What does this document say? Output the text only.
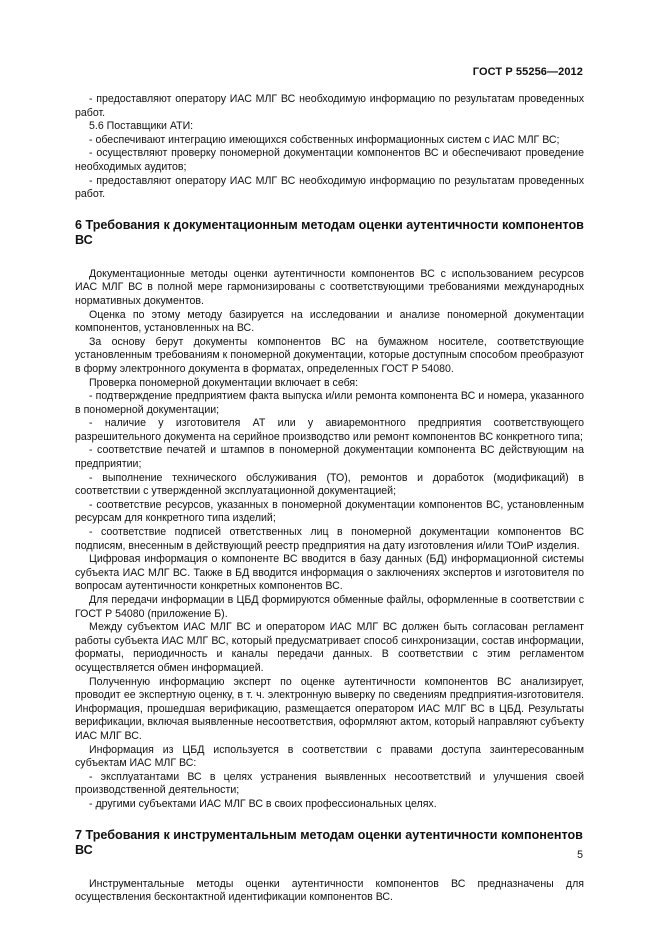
ГОСТ Р 55256—2012

- предоставляют оператору ИАС МЛГ ВС необходимую информацию по результатам проведенных работ.

5.6 Поставщики АТИ:

- обеспечивают интеграцию имеющихся собственных информационных систем с ИАС МЛГ ВС;

- осуществляют проверку пономерной документации компонентов ВС и обеспечивают проведение необходимых аудитов;

- предоставляют оператору ИАС МЛГ ВС необходимую информацию по результатам проведенных работ.

6 Требования к документационным методам оценки аутентичности компонентов ВС

Документационные методы оценки аутентичности компонентов ВС с использованием ресурсов ИАС МЛГ ВС в полной мере гармонизированы с соответствующими требованиями международных нормативных документов.

Оценка по этому методу базируется на исследовании и анализе пономерной документации компонентов, установленных на ВС.

За основу берут документы компонентов ВС на бумажном носителе, соответствующие установленным требованиям к пономерной документации, которые доступным способом преобразуют в форму электронного документа в форматах, определенных ГОСТ Р 54080.

Проверка пономерной документации включает в себя:

- подтверждение предприятием факта выпуска и/или ремонта компонента ВС и номера, указанного в пономерной документации;

- наличие у изготовителя АТ или у авиаремонтного предприятия соответствующего разрешительного документа на серийное производство или ремонт компонентов ВС конкретного типа;

- соответствие печатей и штампов в пономерной документации компонента ВС действующим на предприятии;

- выполнение технического обслуживания (ТО), ремонтов и доработок (модификаций) в соответствии с утвержденной эксплуатационной документацией;

- соответствие ресурсов, указанных в пономерной документации компонентов ВС, установленным ресурсам для конкретного типа изделий;

- соответствие подписей ответственных лиц в пономерной документации компонентов ВС подписям, внесенным в действующий реестр предприятия на дату изготовления и/или ТОиР изделия.

Цифровая информация о компоненте ВС вводится в базу данных (БД) информационной системы субъекта ИАС МЛГ ВС. Также в БД вводится информация о заключениях экспертов и изготовителя по вопросам аутентичности конкретных компонентов ВС.

Для передачи информации в ЦБД формируются обменные файлы, оформленные в соответствии с ГОСТ Р 54080 (приложение Б).

Между субъектом ИАС МЛГ ВС и оператором ИАС МЛГ ВС должен быть согласован регламент работы субъекта ИАС МЛГ ВС, который предусматривает способ синхронизации, состав информации, форматы, периодичность и каналы передачи данных. В соответствии с этим регламентом осуществляется обмен информацией.

Полученную информацию эксперт по оценке аутентичности компонентов ВС анализирует, проводит ее экспертную оценку, в т. ч. электронную выверку по сведениям предприятия-изготовителя. Информация, прошедшая верификацию, размещается оператором ИАС МЛГ ВС в ЦБД. Результаты верификации, включая выявленные несоответствия, оформляют актом, который направляют субъекту ИАС МЛГ ВС.

Информация из ЦБД используется в соответствии с правами доступа заинтересованным субъектам ИАС МЛГ ВС:

- эксплуатантами ВС в целях устранения выявленных несоответствий и улучшения своей производственной деятельности;

- другими субъектами ИАС МЛГ ВС в своих профессиональных целях.

7 Требования к инструментальным методам оценки аутентичности компонентов ВС

Инструментальные методы оценки аутентичности компонентов ВС предназначены для осуществления бесконтактной идентификации компонентов ВС.

5
